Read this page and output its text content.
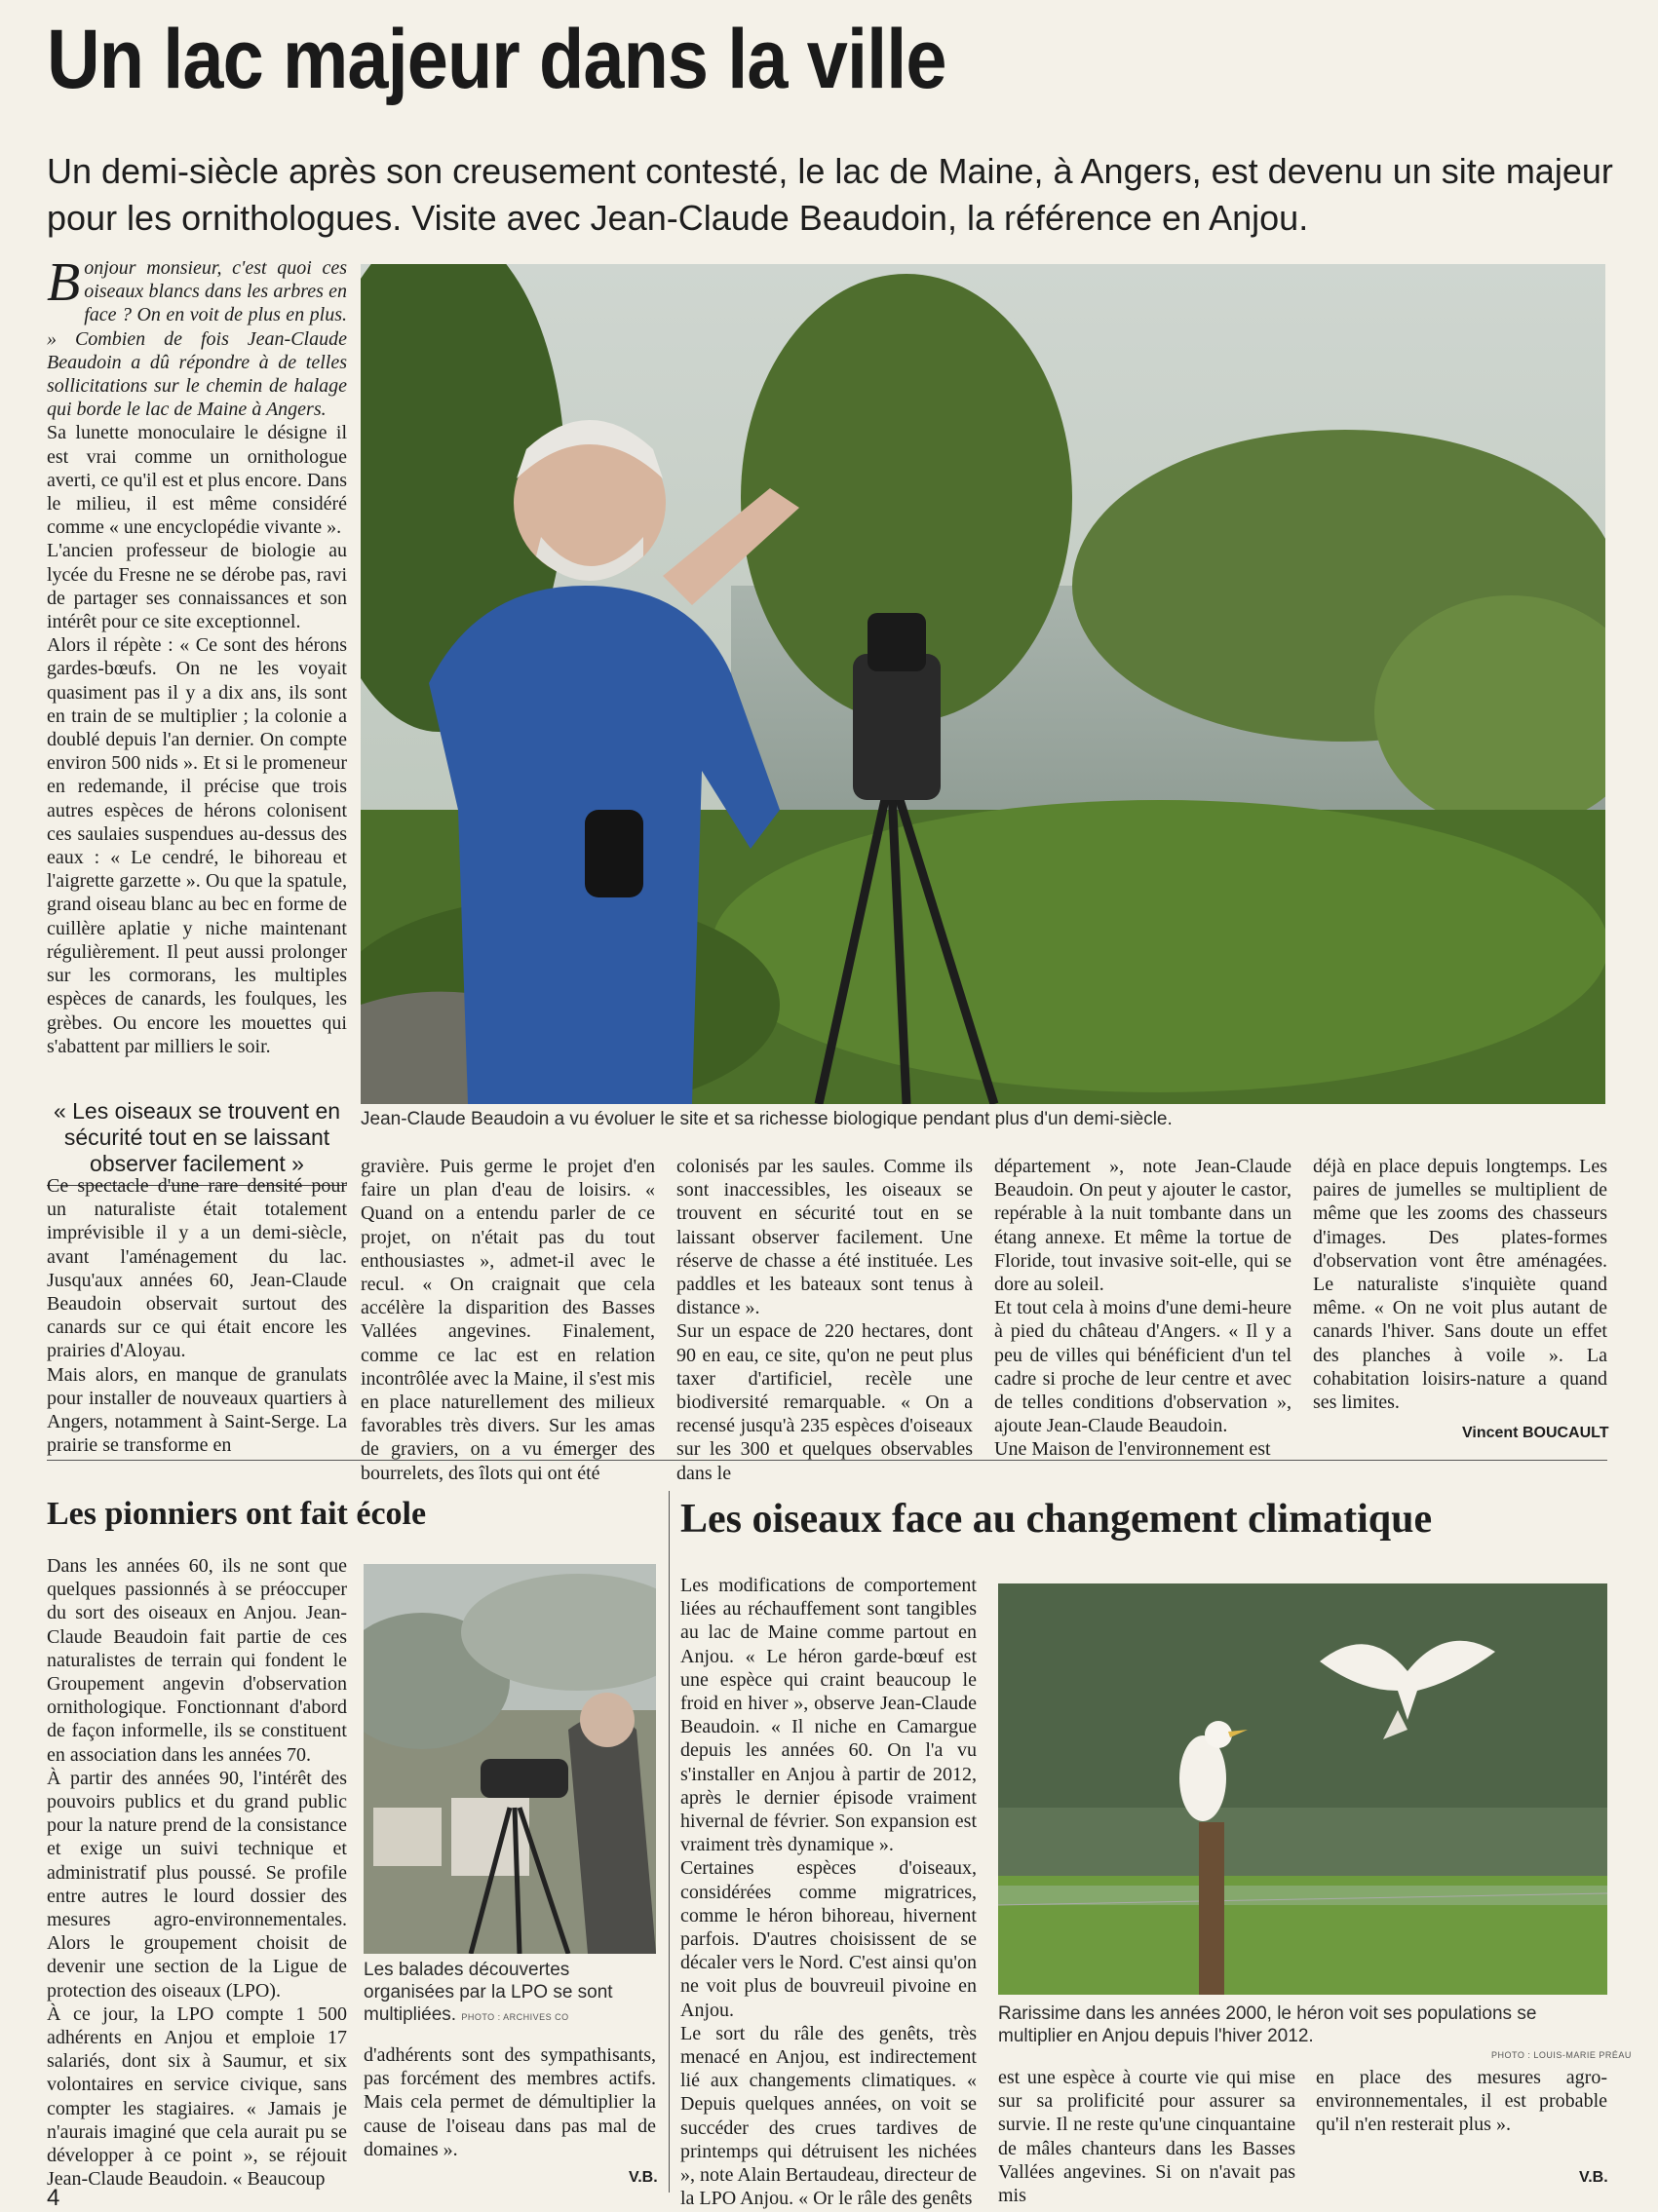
Un lac majeur dans la ville
Un demi-siècle après son creusement contesté, le lac de Maine, à Angers, est devenu un site majeur pour les ornithologues. Visite avec Jean-Claude Beaudoin, la référence en Anjou.
Jean-Claude Beaudoin a vu évoluer le site et sa richesse biologique pendant plus d'un demi-siècle.

Bonjour monsieur, c'est quoi ces oiseaux blancs dans les arbres en face ? On en voit de plus en plus. » Combien de fois Jean-Claude Beaudoin a dû répondre à de telles sollicitations sur le chemin de halage qui borde le lac de Maine à Angers.

Sa lunette monoculaire le désigne il est vrai comme un ornithologue averti, ce qu'il est et plus encore. Dans le milieu, il est même considéré comme « une encyclopédie vivante ».

L'ancien professeur de biologie au lycée du Fresne ne se dérobe pas, ravi de partager ses connaissances et son intérêt pour ce site exceptionnel.

Alors il répète : « Ce sont des hérons gardes-bœufs. On ne les voyait quasiment pas il y a dix ans, ils sont en train de se multiplier ; la colonie a doublé depuis l'an dernier. On compte environ 500 nids ». Et si le promeneur en redemande, il précise que trois autres espèces de hérons colonisent ces saulaies suspendues au-dessus des eaux : « Le cendré, le bihoreau et l'aigrette garzette ». Ou que la spatule, grand oiseau blanc au bec en forme de cuillère aplatie y niche maintenant régulièrement. Il peut aussi prolonger sur les cormorans, les multiples espèces de canards, les foulques, les grèbes. Ou encore les mouettes qui s'abattent par milliers le soir.

« Les oiseaux se trouvent en sécurité tout en se laissant observer facilement »

Ce spectacle d'une rare densité pour un naturaliste était totalement imprévisible il y a un demi-siècle, avant l'aménagement du lac. Jusqu'aux années 60, Jean-Claude Beaudoin observait surtout des canards sur ce qui était encore les prairies d'Aloyau.

Mais alors, en manque de granulats pour installer de nouveaux quartiers à Angers, notamment à Saint-Serge. La prairie se transforme en

gravière. Puis germe le projet d'en faire un plan d'eau de loisirs. « Quand on a entendu parler de ce projet, on n'était pas du tout enthousiastes », admet-il avec le recul. « On craignait que cela accélère la disparition des Basses Vallées angevines. Finalement, comme ce lac est en relation incontrôlée avec la Maine, il s'est mis en place naturellement des milieux favorables très divers. Sur les amas de graviers, on a vu émerger des bourrelets, des îlots qui ont été

colonisés par les saules. Comme ils sont inaccessibles, les oiseaux se trouvent en sécurité tout en se laissant observer facilement. Une réserve de chasse a été instituée. Les paddles et les bateaux sont tenus à distance ».

Sur un espace de 220 hectares, dont 90 en eau, ce site, qu'on ne peut plus taxer d'artificiel, recèle une biodiversité remarquable. « On a recensé jusqu'à 235 espèces d'oiseaux sur les 300 et quelques observables dans le

département », note Jean-Claude Beaudoin. On peut y ajouter le castor, repérable à la nuit tombante dans un étang annexe. Et même la tortue de Floride, tout invasive soit-elle, qui se dore au soleil.

Et tout cela à moins d'une demi-heure à pied du château d'Angers. « Il y a peu de villes qui bénéficient d'un tel cadre si proche de leur centre et avec de telles conditions d'observation », ajoute Jean-Claude Beaudoin.

Une Maison de l'environnement est

déjà en place depuis longtemps. Les paires de jumelles se multiplient de même que les zooms des chasseurs d'images. Des plates-formes d'observation vont être aménagées. Le naturaliste s'inquiète quand même. « On ne voit plus autant de canards l'hiver. Sans doute un effet des planches à voile ». La cohabitation loisirs-nature a quand ses limites.

Vincent BOUCAULT
Les pionniers ont fait école

Dans les années 60, ils ne sont que quelques passionnés à se préoccuper du sort des oiseaux en Anjou. Jean-Claude Beaudoin fait partie de ces naturalistes de terrain qui fondent le Groupement angevin d'observation ornithologique. Fonctionnant d'abord de façon informelle, ils se constituent en association dans les années 70.

À partir des années 90, l'intérêt des pouvoirs publics et du grand public pour la nature prend de la consistance et exige un suivi technique et administratif plus poussé. Se profile entre autres le lourd dossier des mesures agro-environnementales. Alors le groupement choisit de devenir une section de la Ligue de protection des oiseaux (LPO).

À ce jour, la LPO compte 1 500 adhérents en Anjou et emploie 17 salariés, dont six à Saumur, et six volontaires en service civique, sans compter les stagiaires. « Jamais je n'aurais imaginé que cela aurait pu se développer à ce point », se réjouit Jean-Claude Beaudoin. « Beaucoup

Les balades découvertes organisées par la LPO se sont multipliées. PHOTO : ARCHIVES CO

d'adhérents sont des sympathisants, pas forcément des membres actifs. Mais cela permet de démultiplier la cause de l'oiseau dans pas mal de domaines ».

V.B.
Les oiseaux face au changement climatique

Les modifications de comportement liées au réchauffement sont tangibles au lac de Maine comme partout en Anjou. « Le héron garde-bœuf est une espèce qui craint beaucoup le froid en hiver », observe Jean-Claude Beaudoin. « Il niche en Camargue depuis les années 60. On l'a vu s'installer en Anjou à partir de 2012, après le dernier épisode vraiment hivernal de février. Son expansion est vraiment très dynamique ».

Certaines espèces d'oiseaux, considérées comme migratrices, comme le héron bihoreau, hivernent parfois. D'autres choisissent de se décaler vers le Nord. C'est ainsi qu'on ne voit plus de bouvreuil pivoine en Anjou.

Le sort du râle des genêts, très menacé en Anjou, est indirectement lié aux changements climatiques. « Depuis quelques années, on voit se succéder des crues tardives de printemps qui détruisent les nichées », note Alain Bertaudeau, directeur de la LPO Anjou. « Or le râle des genêts

Rarissime dans les années 2000, le héron voit ses populations se multiplier en Anjou depuis l'hiver 2012.
PHOTO : LOUIS-MARIE PRÉAU

est une espèce à courte vie qui mise sur sa prolificité pour assurer sa survie. Il ne reste qu'une cinquantaine de mâles chanteurs dans les Basses Vallées angevines. Si on n'avait pas mis

en place des mesures agro-environnementales, il est probable qu'il n'en resterait plus ».

V.B.
4
